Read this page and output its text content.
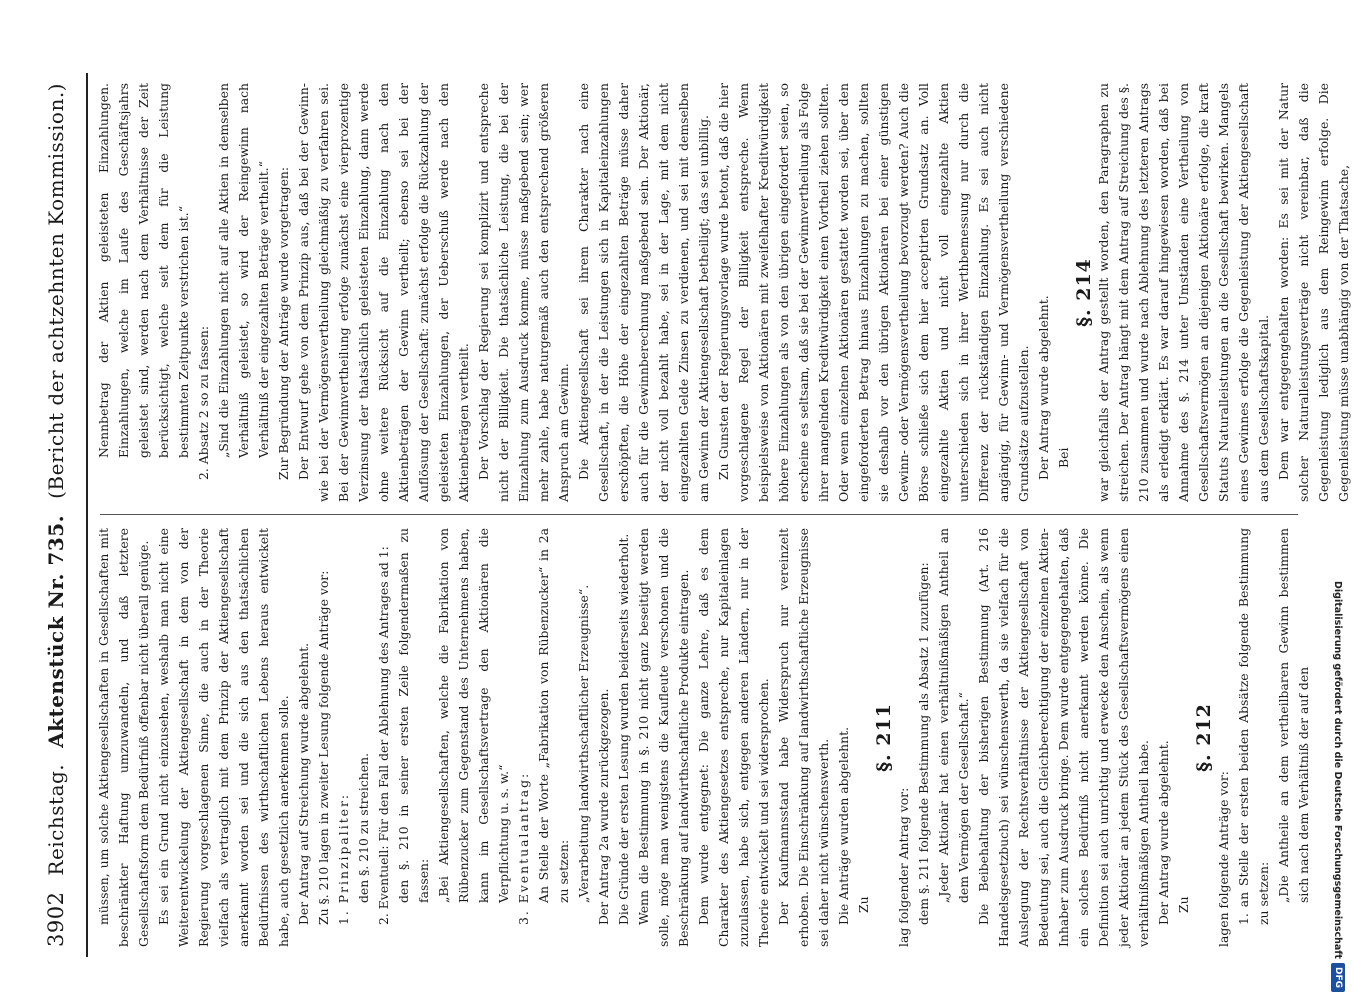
3902
Reichstag.
Aktenstück Nr. 735.
(Bericht der achtzehnten Kommission.)

müssen, um solche Aktiengesellschaften in Gesellschaften mit beschränkter Haftung umzuwandeln, und daß letztere Gesellschaftsform dem Bedürfniß offenbar nicht überall genüge. Es sei ein Grund nicht einzusehen, weshalb man nicht eine Weiterentwickelung der Aktiengesellschaft in dem von der Regierung vorgeschlagenen Sinne, die auch in der Theorie vielfach als vertraglich mit dem Prinzip der Aktiengesellschaft anerkannt worden sei und die sich aus den thatsächlichen Bedürfnissen des wirthschaftlichen Lebens heraus entwickelt habe, auch gesetzlich anerkennen solle. Der Antrag auf Streichung wurde abgelehnt. Zu §. 210 lagen in zweiter Lesung folgende Anträge vor: 1. Prinzipaliter: den §. 210 zu streichen. 2. Eventuell: Für den Fall der Ablehnung des Antrages ad 1: den §. 210 in seiner ersten Zeile folgendermaßen zu fassen: „Bei Aktiengesellschaften, welche die Fabrikation von Rübenzucker zum Gegenstand des Unternehmens haben, kann im Gesellschaftsvertrage den Aktionären die Verpflichtung u. s. w.“ 3. Eventualantrag: An Stelle der Worte „Fabrikation von Rübenzucker“ in 2a zu setzen: „Verarbeitung landwirthschaftlicher Erzeugnisse“. Der Antrag 2a wurde zurückgezogen. Die Gründe der ersten Lesung wurden beiderseits wiederholt. Wenn die Bestimmung in §. 210 nicht ganz beseitigt werden solle, möge man wenigstens die Kaufleute verschonen und die Beschränkung auf landwirthschaftliche Produkte eintragen. Dem wurde entgegnet: Die ganze Lehre, daß es dem Charakter des Aktiengesetzes entspreche, nur Kapitaleinlagen zuzulassen, habe sich, entgegen anderen Ländern, nur in der Theorie entwickelt und sei widersprochen. Der Kaufmannsstand habe Widerspruch nur vereinzelt erhoben. Die Einschränkung auf landwirthschaftliche Erzeugnisse sei daher nicht wünschenswerth. Die Anträge wurden abgelehnt. Zu

§. 211

lag folgender Antrag vor: dem §. 211 folgende Bestimmung als Absatz 1 zuzufügen: „Jeder Aktionär hat einen verhältnißmäßigen Antheil an dem Vermögen der Gesellschaft.“ Die Beibehaltung der bisherigen Bestimmung (Art. 216 Handelsgesetzbuch) sei wünschenswerth, da sie vielfach für die Auslegung der Rechtsverhältnisse der Aktiengesellschaft von Bedeutung sei, auch die Gleichberechtigung der einzelnen Aktien-Inhaber zum Ausdruck bringe. Dem wurde entgegengehalten, daß ein solches Bedürfniß nicht anerkannt werden könne. Die Definition sei auch unrichtig und erwecke den Anschein, als wenn jeder Aktionär an jedem Stück des Gesellschaftsvermögens einen verhältnißmäßigen Antheil habe. Der Antrag wurde abgelehnt. Zu

§. 212

lagen folgende Anträge vor: 1. an Stelle der ersten beiden Absätze folgende Bestimmung zu setzen: „Die Antheile an dem vertheilbaren Gewinn bestimmen sich nach dem Verhältniß der auf den

Nennbetrag der Aktien geleisteten Einzahlungen. Einzahlungen, welche im Laufe des Geschäftsjahrs geleistet sind, werden nach dem Verhältnisse der Zeit berücksichtigt, welche seit dem für die Leistung bestimmten Zeitpunkte verstrichen ist.“ 2. Absatz 2 so zu fassen: „Sind die Einzahlungen nicht auf alle Aktien in demselben Verhältniß geleistet, so wird der Reingewinn nach Verhältniß der eingezahlten Beträge vertheilt.“ Zur Begründung der Anträge wurde vorgetragen: Der Entwurf gehe von dem Prinzip aus, daß bei der Gewinn- wie bei der Vermögensvertheilung gleichmäßig zu verfahren sei. Bei der Gewinnvertheilung erfolge zunächst eine vierprozentige Verzinsung der thatsächlich geleisteten Einzahlung, dann werde ohne weitere Rücksicht auf die Einzahlung nach den Aktienbeträgen der Gewinn vertheilt; ebenso sei bei der Auflösung der Gesellschaft: zunächst erfolge die Rückzahlung der geleisteten Einzahlungen, der Ueberschuß werde nach den Aktienbeträgen vertheilt. Der Vorschlag der Regierung sei komplizirt und entspreche nicht der Billigkeit. Die thatsächliche Leistung, die bei der Einzahlung zum Ausdruck komme, müsse maßgebend sein; wer mehr zahle, habe naturgemäß auch den entsprechend größeren Anspruch am Gewinn. Die Aktiengesellschaft sei ihrem Charakter nach eine Gesellschaft, in der die Leistungen sich in Kapitaleinzahlungen erschöpften, die Höhe der eingezahlten Beträge müsse daher auch für die Gewinnberechnung maßgebend sein. Der Aktionär, der nicht voll bezahlt habe, sei in der Lage, mit dem nicht eingezahlten Gelde Zinsen zu verdienen, und sei mit demselben am Gewinn der Aktiengesellschaft betheiligt; das sei unbillig. Zu Gunsten der Regierungsvorlage wurde betont, daß die hier vorgeschlagene Regel der Billigkeit entspreche. Wenn beispielsweise von Aktionären mit zweifelhafter Kreditwürdigkeit höhere Einzahlungen als von den übrigen eingefordert seien, so erscheine es seltsam, daß sie bei der Gewinnvertheilung als Folge ihrer mangelnden Kreditwürdigkeit einen Vortheil ziehen sollten. Oder wenn einzelnen Aktionären gestattet worden sei, über den eingeforderten Betrag hinaus Einzahlungen zu machen, sollten sie deshalb vor den übrigen Aktionären bei einer günstigen Gewinn- oder Vermögensvertheilung bevorzugt werden? Auch die Börse schließe sich dem hier acceptirten Grundsatz an. Voll eingezahlte Aktien und nicht voll eingezahlte Aktien unterschieden sich in ihrer Werthbemessung nur durch die Differenz der rückständigen Einzahlung. Es sei auch nicht angängig, für Gewinn- und Vermögensvertheilung verschiedene Grundsätze aufzustellen. Der Antrag wurde abgelehnt. Bei

§. 214 war gleichfalls der Antrag gestellt worden, den Paragraphen zu streichen. Der Antrag hängt mit dem Antrag auf Streichung des §. 210 zusammen und wurde nach Ablehnung des letzteren Antrags als erledigt erklärt. Es war darauf hingewiesen worden, daß bei Annahme des §. 214 unter Umständen eine Vertheilung von Gesellschaftsvermögen an diejenigen Aktionäre erfolge, die kraft Statuts Naturalleistungen an die Gesellschaft bewirken. Mangels eines Gewinnes erfolge die Gegenleistung der Aktiengesellschaft aus dem Gesellschaftskapital. Dem war entgegengehalten worden: Es sei mit der Natur solcher Naturalleistungsverträge nicht vereinbar, daß die Gegenleistung lediglich aus dem Reingewinn erfolge. Die Gegenleistung müsse unabhängig von der Thatsache,

Digitalisierung gefördert durch die Deutsche Forschungsgemeinschaft
DFG
